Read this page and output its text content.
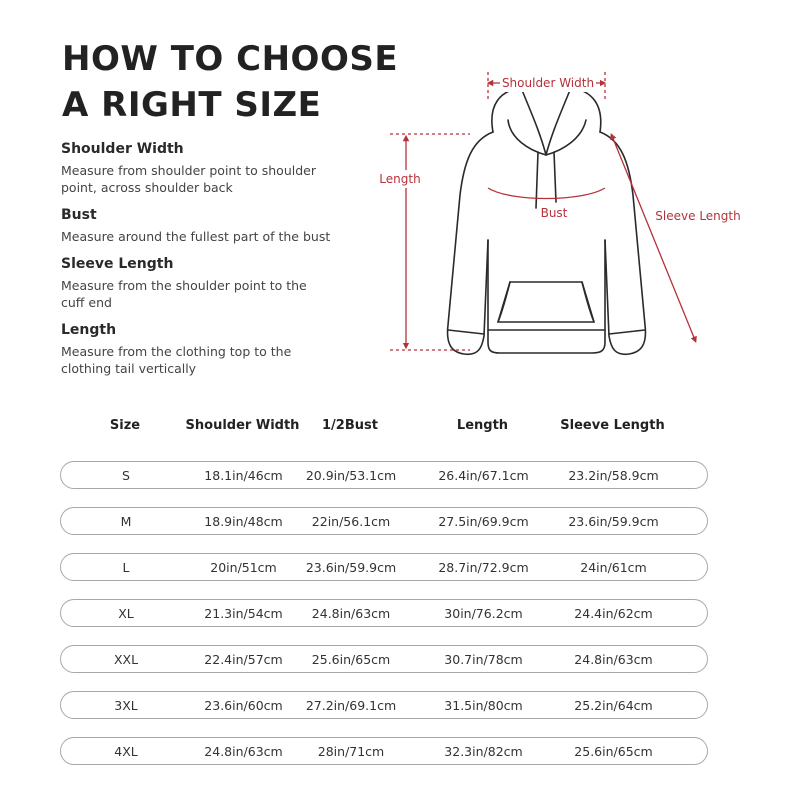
HOW TO CHOOSE
A RIGHT SIZE

Shoulder Width

Measure from shoulder point to shoulder
point, across shoulder back

Bust

Measure around the fullest part of the bust

Sleeve Length

Measure from the shoulder point to the
cuff end

Length

Measure from the clothing top to the
clothing tail vertically

Shoulder Width
Length
Bust	Sleeve Length
Size	Shoulder Width	1/2Bust	Length	Sleeve Length
S	18.1in/46cm	20.9in/53.1cm	26.4in/67.1cm	23.2in/58.9cm
M	18.9in/48cm	22in/56.1cm	27.5in/69.9cm	23.6in/59.9cm
L	20in/51cm	23.6in/59.9cm	28.7in/72.9cm	24in/61cm
XL	21.3in/54cm	24.8in/63cm	30in/76.2cm	24.4in/62cm
XXL	22.4in/57cm	25.6in/65cm	30.7in/78cm	24.8in/63cm
3XL	23.6in/60cm	27.2in/69.1cm	31.5in/80cm	25.2in/64cm
4XL	24.8in/63cm	28in/71cm	32.3in/82cm	25.6in/65cm
